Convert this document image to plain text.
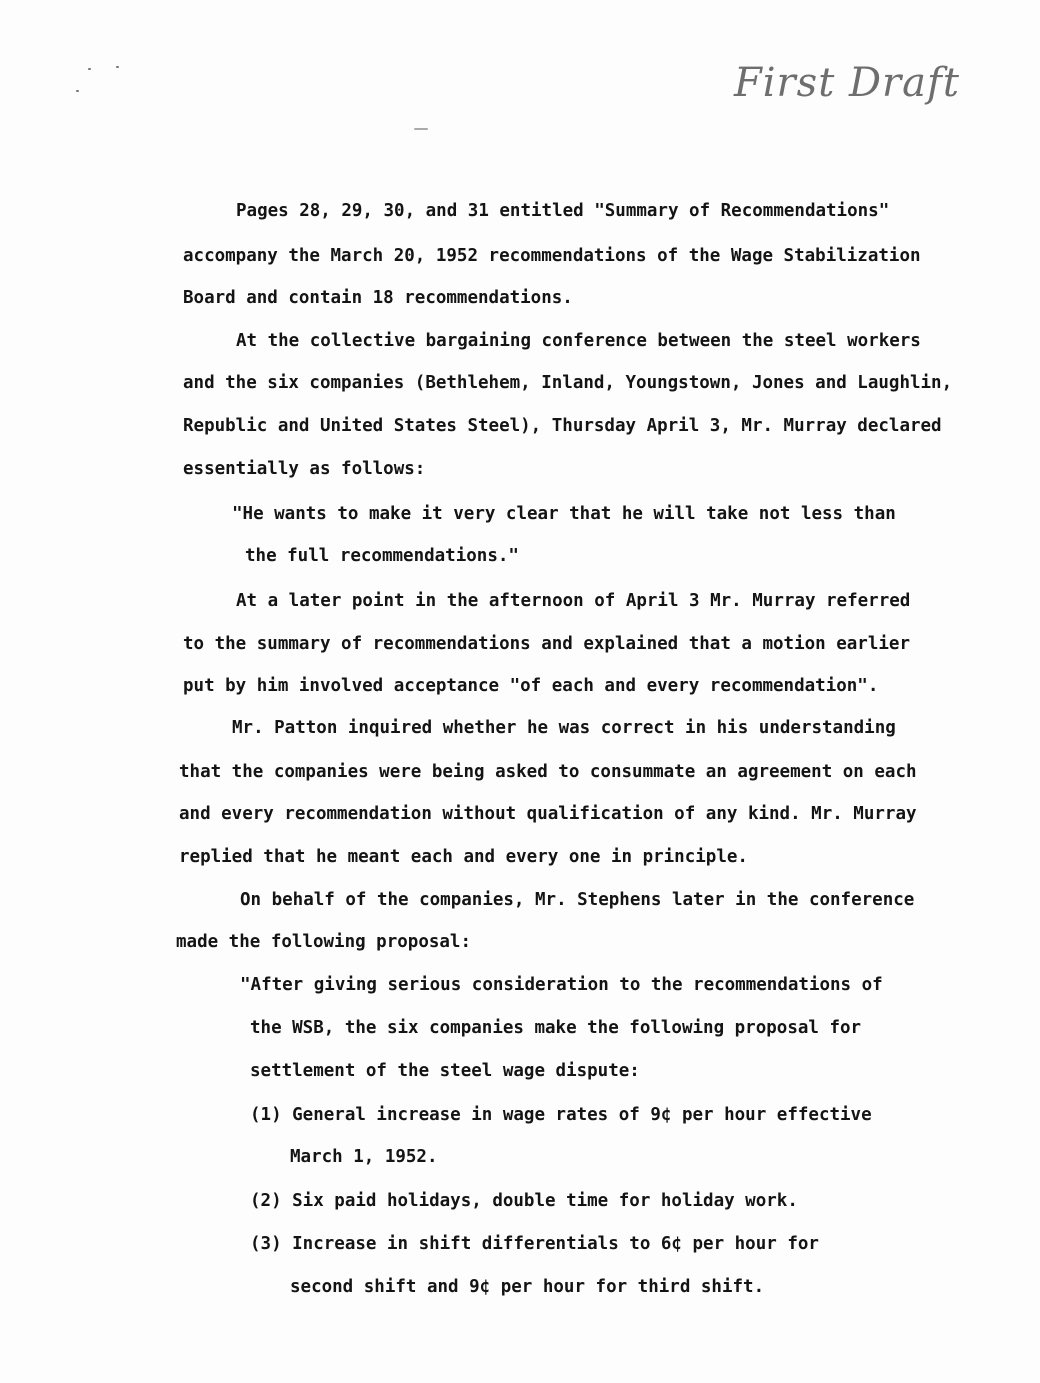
First Draft
Pages 28, 29, 30, and 31 entitled "Summary of Recommendations"
accompany the March 20, 1952 recommendations of the Wage Stabilization
Board and contain 18 recommendations.
At the collective bargaining conference between the steel workers
and the six companies (Bethlehem, Inland, Youngstown, Jones and Laughlin,
Republic and United States Steel), Thursday April 3, Mr. Murray declared
essentially as follows:
"He wants to make it very clear that he will take not less than
the full recommendations."
At a later point in the afternoon of April 3 Mr. Murray referred
to the summary of recommendations and explained that a motion earlier
put by him involved acceptance "of each and every recommendation".
Mr. Patton inquired whether he was correct in his understanding
that the companies were being asked to consummate an agreement on each
and every recommendation without qualification of any kind. Mr. Murray
replied that he meant each and every one in principle.
On behalf of the companies, Mr. Stephens later in the conference
made the following proposal:
"After giving serious consideration to the recommendations of
the WSB, the six companies make the following proposal for
settlement of the steel wage dispute:
(1) General increase in wage rates of 9¢ per hour effective
March 1, 1952.
(2) Six paid holidays, double time for holiday work.
(3) Increase in shift differentials to 6¢ per hour for
second shift and 9¢ per hour for third shift.
